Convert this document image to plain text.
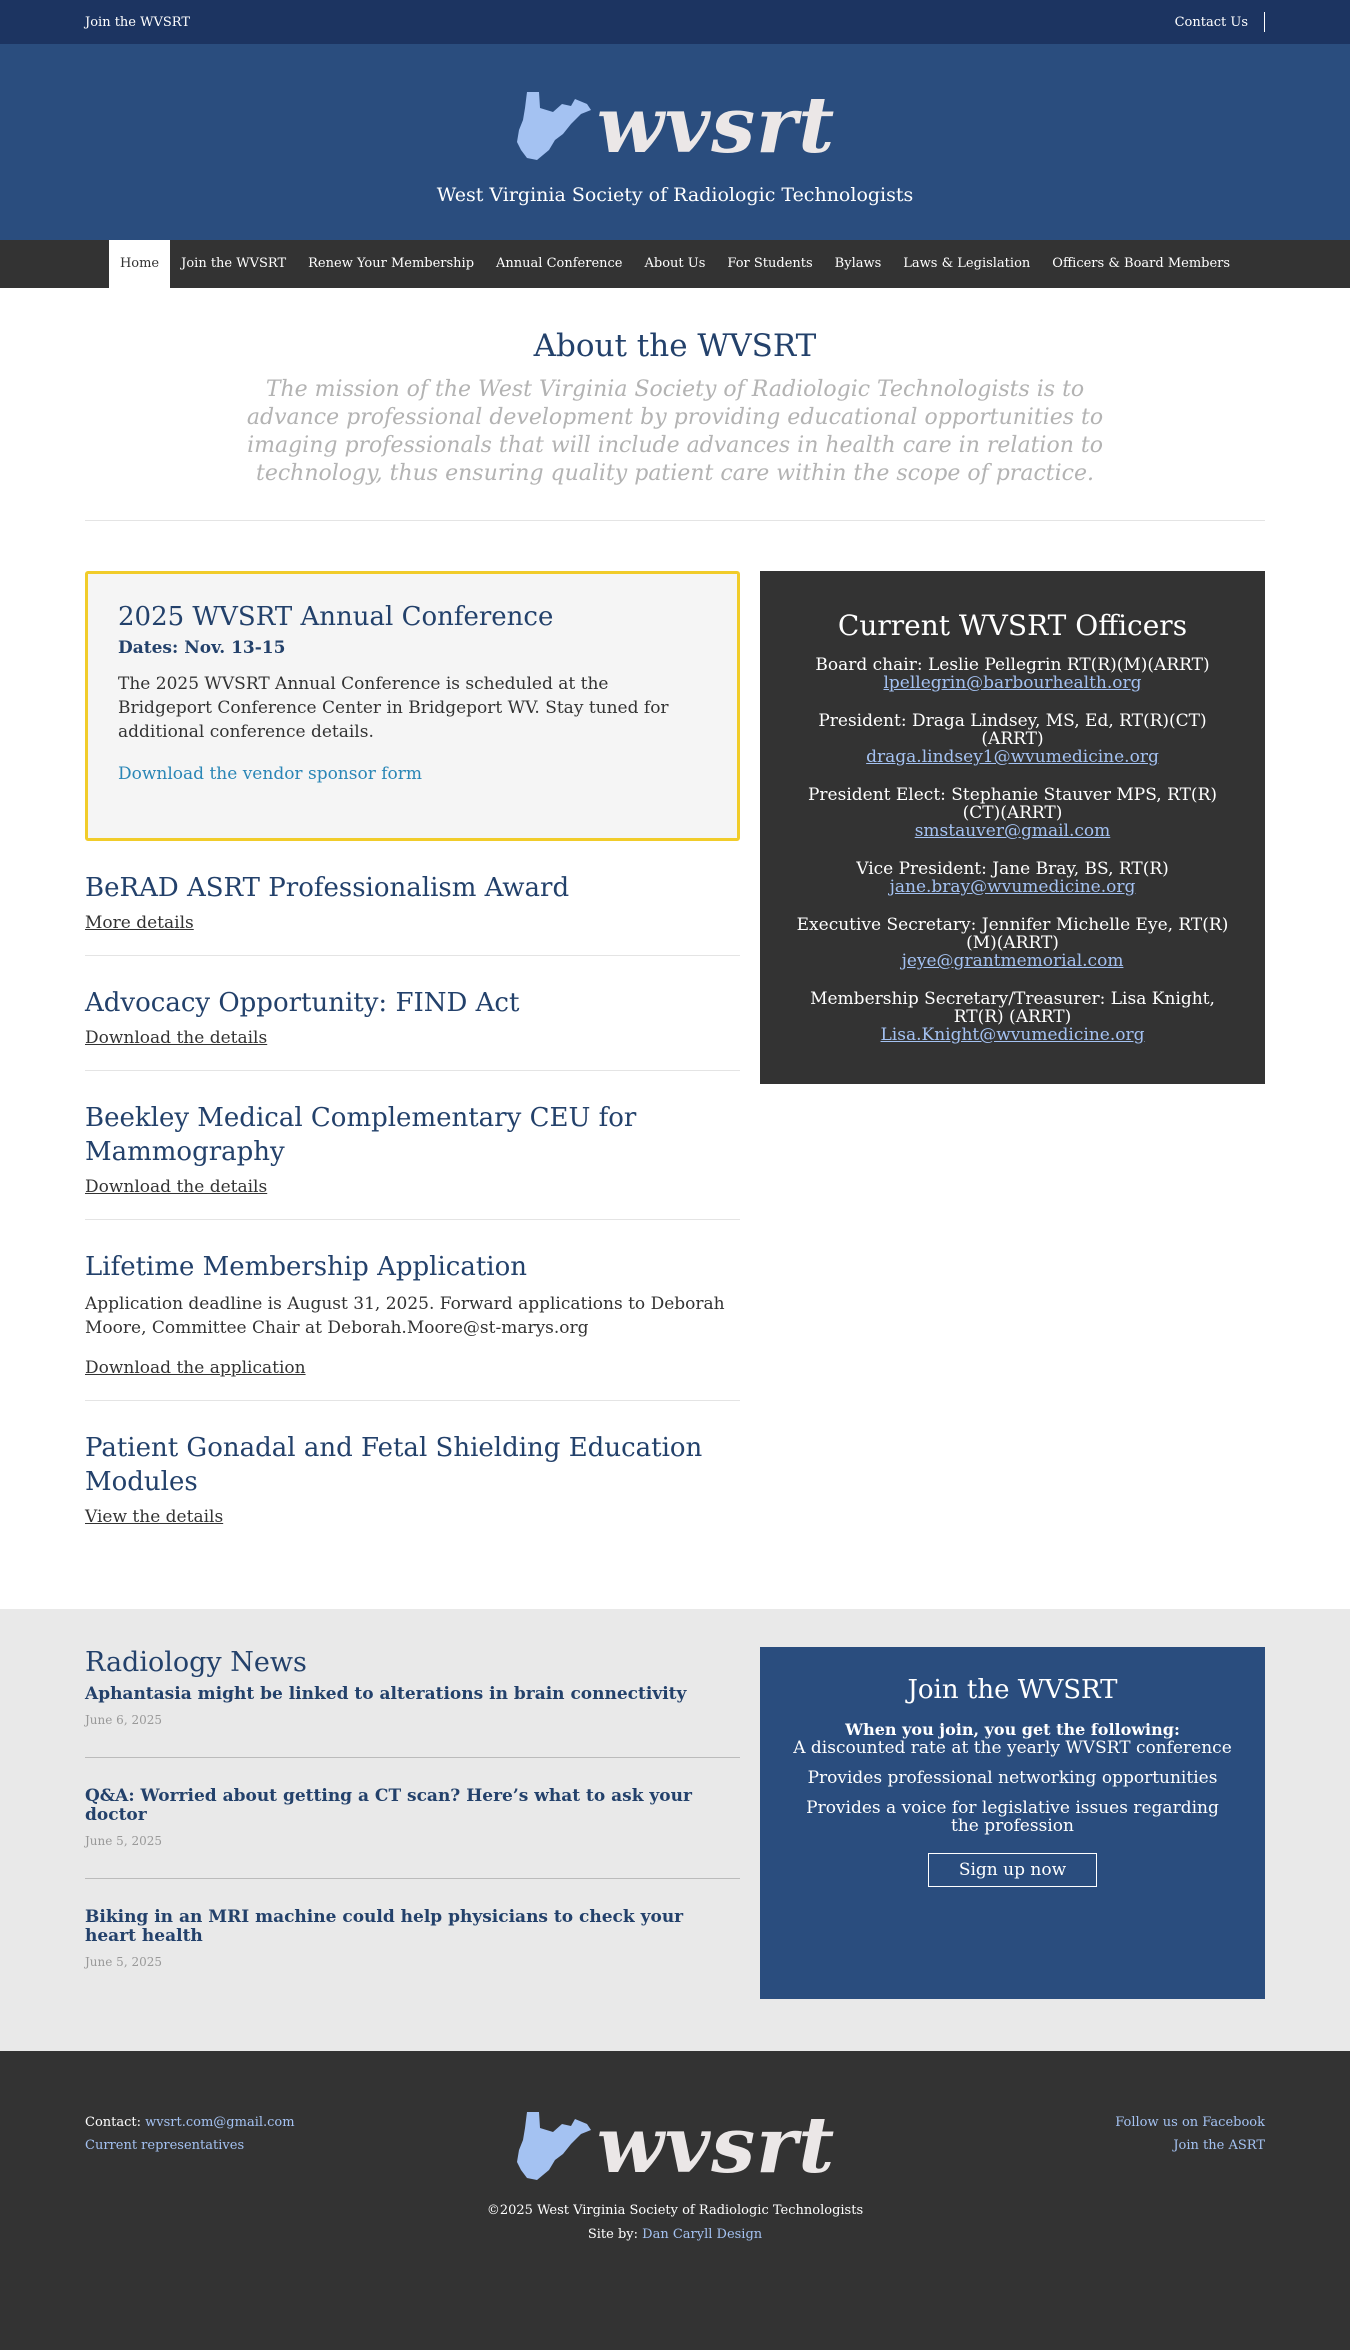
Join the WVSRT	Contact Us
wvsrt
West Virginia Society of Radiologic Technologists
Home	Join the WVSRT	Renew Your Membership	Annual Conference	About Us	For Students	Bylaws	Laws & Legislation	Officers & Board Members
About the WVSRT

The mission of the West Virginia Society of Radiologic Technologists is to advance professional development by providing educational opportunities to imaging professionals that will include advances in health care in relation to technology, thus ensuring quality patient care within the scope of practice.

2025 WVSRT Annual Conference
Dates: Nov. 13-15

The 2025 WVSRT Annual Conference is scheduled at the Bridgeport Conference Center in Bridgeport WV. Stay tuned for additional conference details.

Download the vendor sponsor form
BeRAD ASRT Professionalism Award
More details
Advocacy Opportunity: FIND Act
Download the details
Beekley Medical Complementary CEU for Mammography
Download the details
Lifetime Membership Application

Application deadline is August 31, 2025. Forward applications to Deborah Moore, Committee Chair at Deborah.Moore@st-marys.org

Download the application
Patient Gonadal and Fetal Shielding Education Modules
View the details
Current WVSRT Officers
Board chair: Leslie Pellegrin RT(R)(M)(ARRT)
lpellegrin@barbourhealth.org
President: Draga Lindsey, MS, Ed, RT(R)(CT)(ARRT)
draga.lindsey1@wvumedicine.org
President Elect: Stephanie Stauver MPS, RT(R)(CT)(ARRT)
smstauver@gmail.com
Vice President: Jane Bray, BS, RT(R)
jane.bray@wvumedicine.org
Executive Secretary: Jennifer Michelle Eye, RT(R)(M)(ARRT)
jeye@grantmemorial.com
Membership Secretary/Treasurer: Lisa Knight, RT(R) (ARRT)
Lisa.Knight@wvumedicine.org
Radiology News
Aphantasia might be linked to alterations in brain connectivity
June 6, 2025
Q&A: Worried about getting a CT scan? Here’s what to ask your doctor
June 5, 2025
Biking in an MRI machine could help physicians to check your heart health
June 5, 2025
Join the WVSRT
When you join, you get the following:
A discounted rate at the yearly WVSRT conference
Provides professional networking opportunities
Provides a voice for legislative issues regarding the profession
Sign up now
Contact: wvsrt.com@gmail.com
Current representatives
Follow us on Facebook
Join the ASRT
wvsrt
©2025 West Virginia Society of Radiologic Technologists
Site by: Dan Caryll Design
